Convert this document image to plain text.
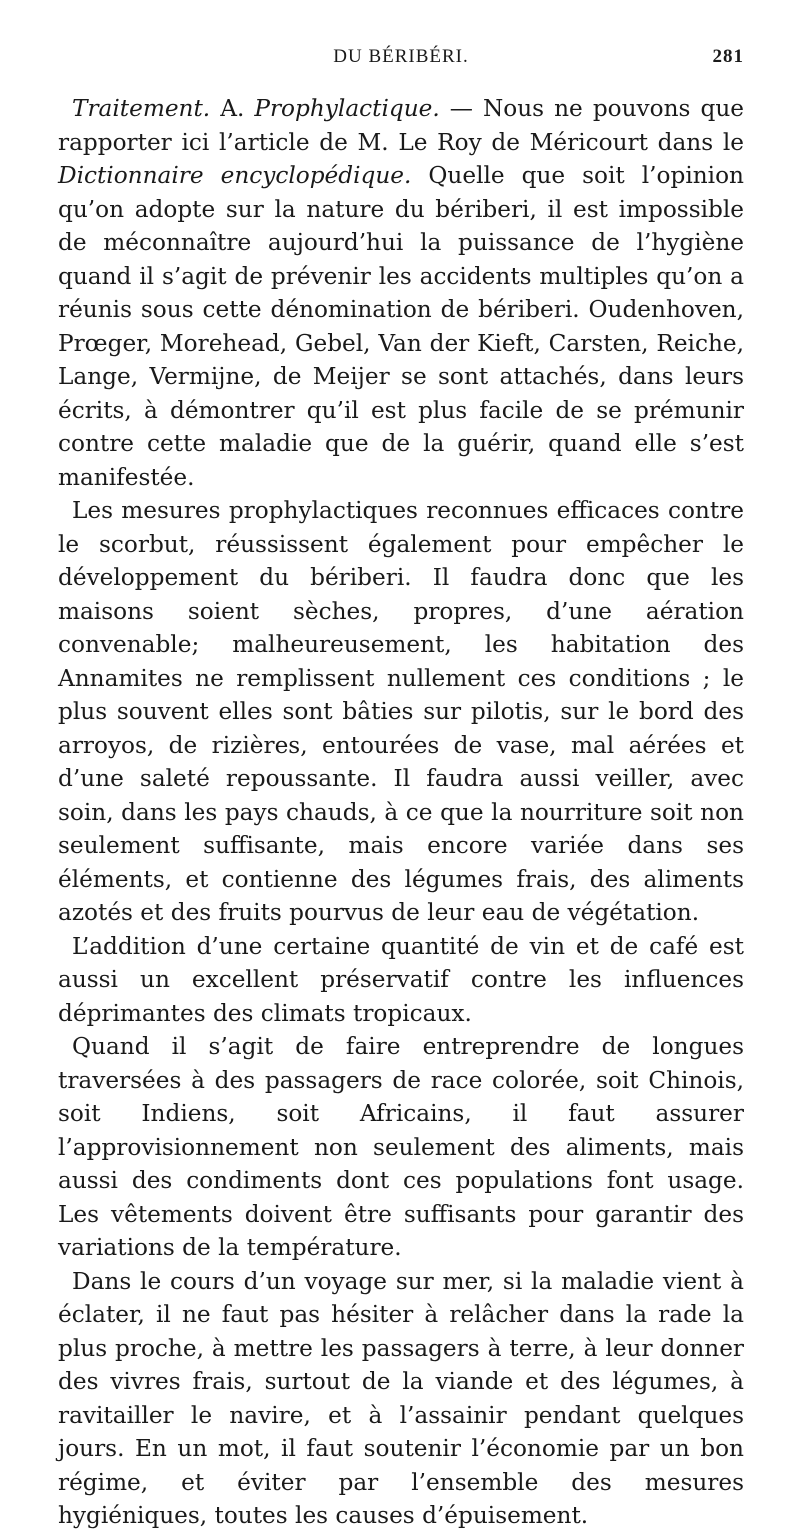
DU BÉRIBÉRI.	281

Traitement. A. Prophylactique. — Nous ne pouvons que rapporter ici l’article de M. Le Roy de Méricourt dans le Dictionnaire encyclopédique. Quelle que soit l’opinion qu’on adopte sur la nature du bériberi, il est impossible de méconnaître aujourd’hui la puissance de l’hygiène quand il s’agit de prévenir les accidents multiples qu’on a réunis sous cette dénomination de bériberi. Oudenhoven, Prœger, Morehead, Gebel, Van der Kieft, Carsten, Reiche, Lange, Vermijne, de Meijer se sont attachés, dans leurs écrits, à démontrer qu’il est plus facile de se prémunir contre cette maladie que de la guérir, quand elle s’est manifestée.

Les mesures prophylactiques reconnues efficaces contre le scorbut, réussissent également pour empêcher le développement du bériberi. Il faudra donc que les maisons soient sèches, propres, d’une aération convenable; malheureusement, les habitation des Annamites ne remplissent nullement ces conditions ; le plus souvent elles sont bâties sur pilotis, sur le bord des arroyos, de rizières, entourées de vase, mal aérées et d’une saleté repoussante. Il faudra aussi veiller, avec soin, dans les pays chauds, à ce que la nourriture soit non seulement suffisante, mais encore variée dans ses éléments, et contienne des légumes frais, des aliments azotés et des fruits pourvus de leur eau de végétation.

L’addition d’une certaine quantité de vin et de café est aussi un excellent préservatif contre les influences déprimantes des climats tropicaux.

Quand il s’agit de faire entreprendre de longues traversées à des passagers de race colorée, soit Chinois, soit Indiens, soit Africains, il faut assurer l’approvisionnement non seulement des aliments, mais aussi des condiments dont ces populations font usage. Les vêtements doivent être suffisants pour garantir des variations de la température.

Dans le cours d’un voyage sur mer, si la maladie vient à éclater, il ne faut pas hésiter à relâcher dans la rade la plus proche, à mettre les passagers à terre, à leur donner des vivres frais, surtout de la viande et des légumes, à ravitailler le navire, et à l’assainir pendant quelques jours. En un mot, il faut soutenir l’économie par un bon régime, et éviter par l’ensemble des mesures hygiéniques, toutes les causes d’épuisement.
